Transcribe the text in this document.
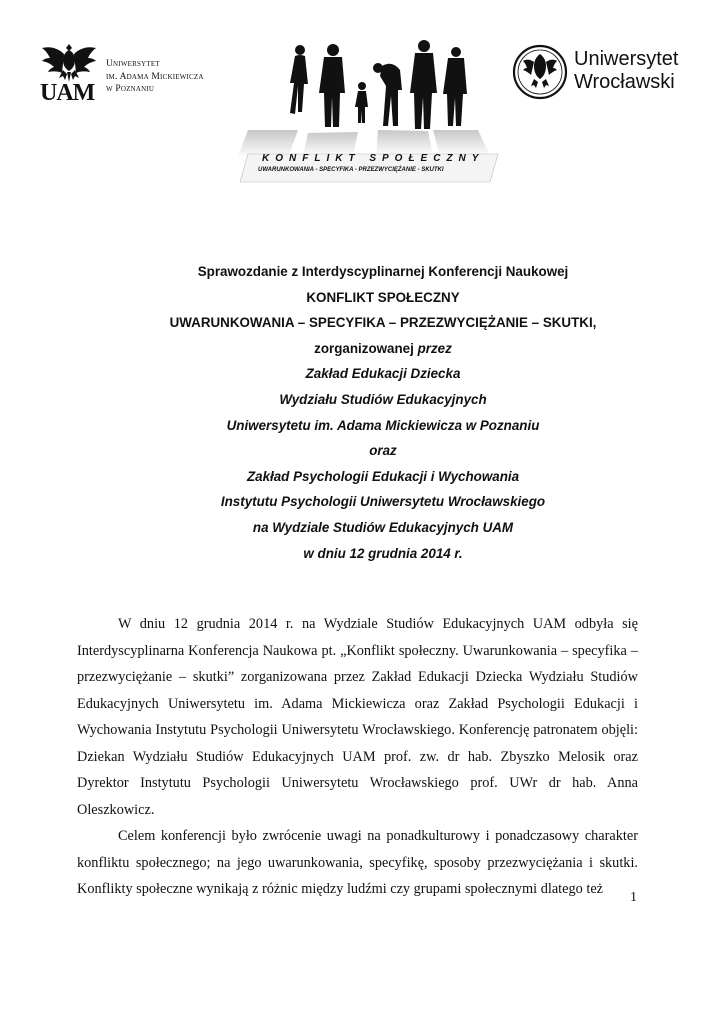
UAM
Uniwersytet
im. Adama Mickiewicza
w Poznaniu
KONFLIKT SPOŁECZNY
UWARUNKOWANIA - SPECYFIKA - PRZEZWYCIĘŻANIE - SKUTKI
Uniwersytet
Wrocławski
Sprawozdanie z Interdyscyplinarnej Konferencji Naukowej
KONFLIKT SPOŁECZNY
UWARUNKOWANIA – SPECYFIKA – PRZEZWYCIĘŻANIE – SKUTKI,
zorganizowanej przez
Zakład Edukacji Dziecka
Wydziału Studiów Edukacyjnych
Uniwersytetu im. Adama Mickiewicza w Poznaniu
oraz
Zakład Psychologii Edukacji i Wychowania
Instytutu Psychologii Uniwersytetu Wrocławskiego
na Wydziale Studiów Edukacyjnych UAM
w dniu 12 grudnia 2014 r.

W dniu 12 grudnia 2014 r. na Wydziale Studiów Edukacyjnych UAM odbyła się Interdyscyplinarna Konferencja Naukowa pt. „Konflikt społeczny. Uwarunkowania – specyfika – przezwyciężanie – skutki” zorganizowana przez Zakład Edukacji Dziecka Wydziału Studiów Edukacyjnych Uniwersytetu im. Adama Mickiewicza oraz Zakład Psychologii Edukacji i Wychowania Instytutu Psychologii Uniwersytetu Wrocławskiego. Konferencję patronatem objęli: Dziekan Wydziału Studiów Edukacyjnych UAM prof. zw. dr hab. Zbyszko Melosik oraz Dyrektor Instytutu Psychologii Uniwersytetu Wrocławskiego prof. UWr dr hab. Anna Oleszkowicz.

Celem konferencji było zwrócenie uwagi na ponadkulturowy i ponadczasowy charakter konfliktu społecznego; na jego uwarunkowania, specyfikę, sposoby przezwyciężania i skutki. Konflikty społeczne wynikają z różnic między ludźmi czy grupami społecznymi dlatego też

1
